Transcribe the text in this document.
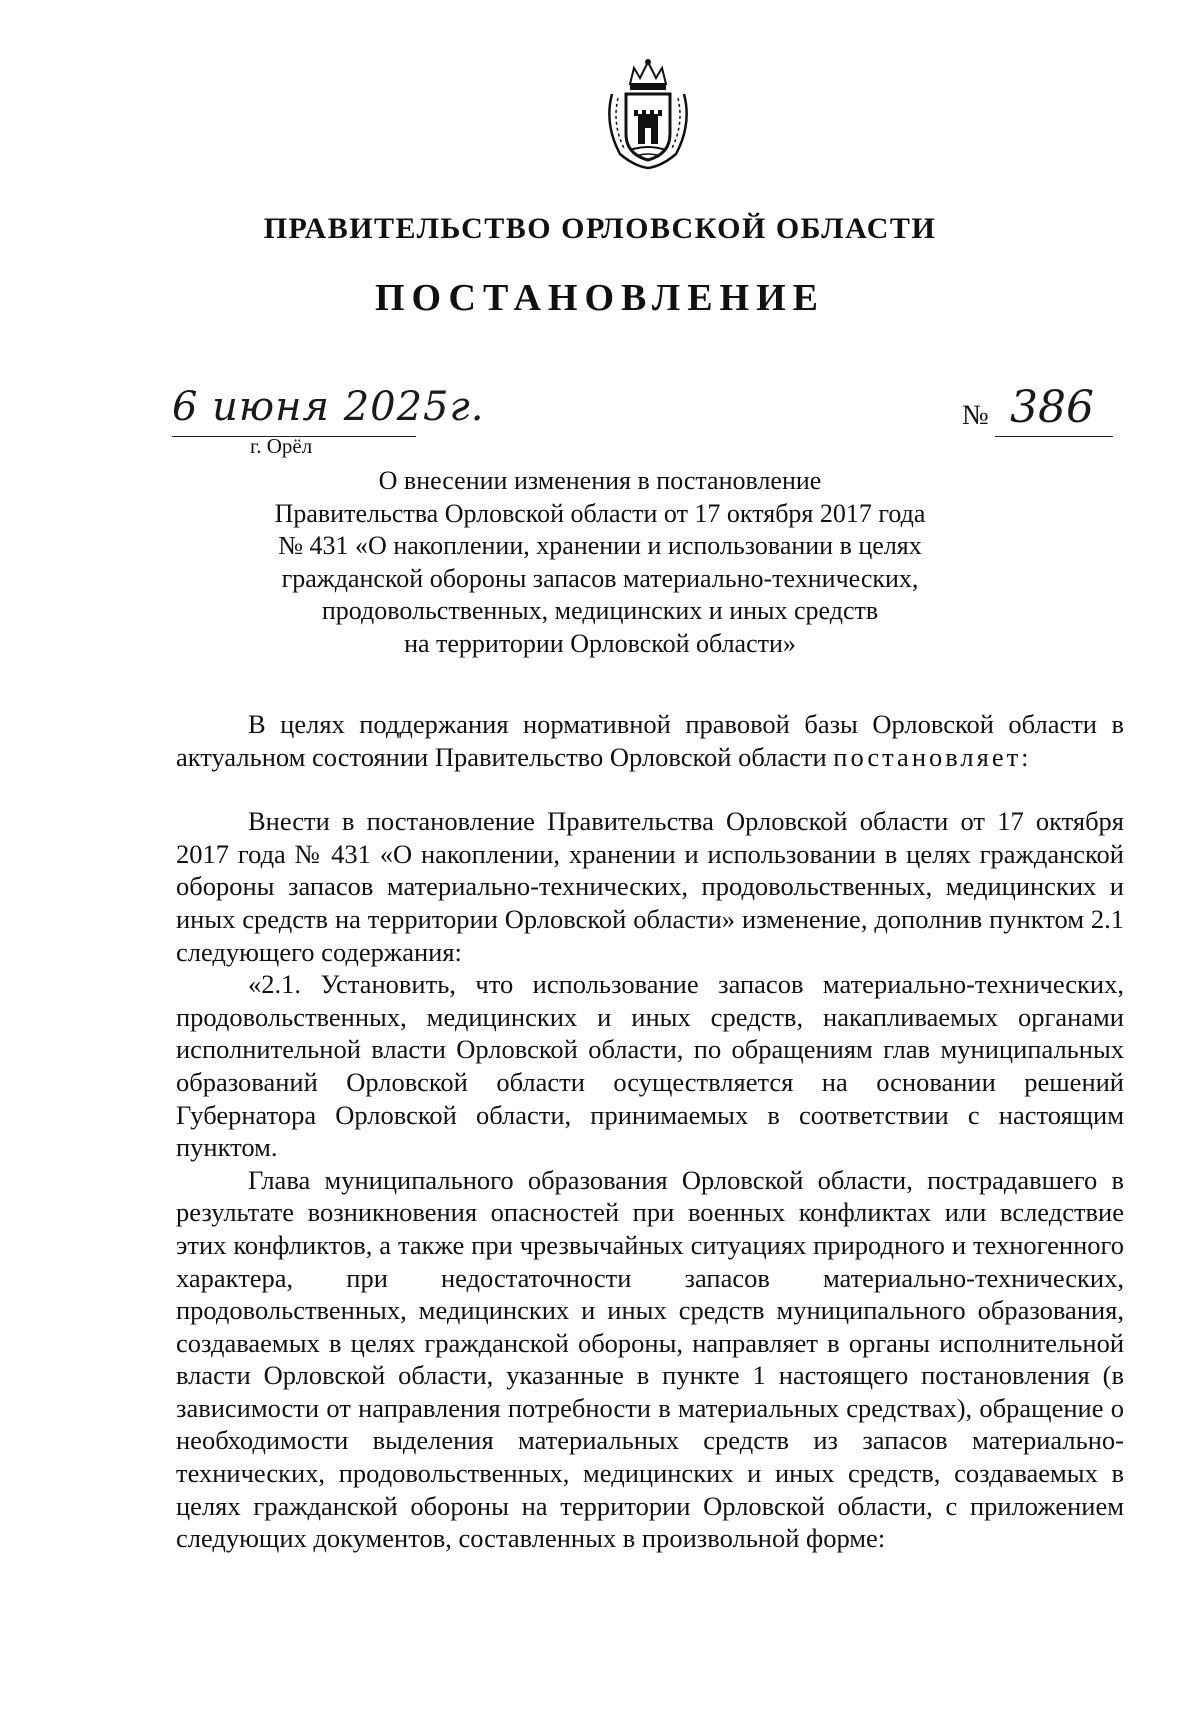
ПРАВИТЕЛЬСТВО ОРЛОВСКОЙ ОБЛАСТИ
ПОСТАНОВЛЕНИЕ
6 июня 2025г.
г. Орёл
№ 386
О внесении изменения в постановление
Правительства Орловской области от 17 октября 2017 года
№ 431 «О накоплении, хранении и использовании в целях
гражданской обороны запасов материально-технических,
продовольственных, медицинских и иных средств
на территории Орловской области»

В целях поддержания нормативной правовой базы Орловской области в актуальном состоянии Правительство Орловской области постановляет:

Внести в постановление Правительства Орловской области от 17 октября 2017 года № 431 «О накоплении, хранении и использовании в целях гражданской обороны запасов материально-технических, продовольственных, медицинских и иных средств на территории Орловской области» изменение, дополнив пунктом 2.1 следующего содержания:

«2.1. Установить, что использование запасов материально-технических, продовольственных, медицинских и иных средств, накапливаемых органами исполнительной власти Орловской области, по обращениям глав муниципальных образований Орловской области осуществляется на основании решений Губернатора Орловской области, принимаемых в соответствии с настоящим пунктом.

Глава муниципального образования Орловской области, пострадавшего в результате возникновения опасностей при военных конфликтах или вследствие этих конфликтов, а также при чрезвычайных ситуациях природного и техногенного характера, при недостаточности запасов материально-технических, продовольственных, медицинских и иных средств муниципального образования, создаваемых в целях гражданской обороны, направляет в органы исполнительной власти Орловской области, указанные в пункте 1 настоящего постановления (в зависимости от направления потребности в материальных средствах), обращение о необходимости выделения материальных средств из запасов материально-технических, продовольственных, медицинских и иных средств, создаваемых в целях гражданской обороны на территории Орловской области, с приложением следующих документов, составленных в произвольной форме:
